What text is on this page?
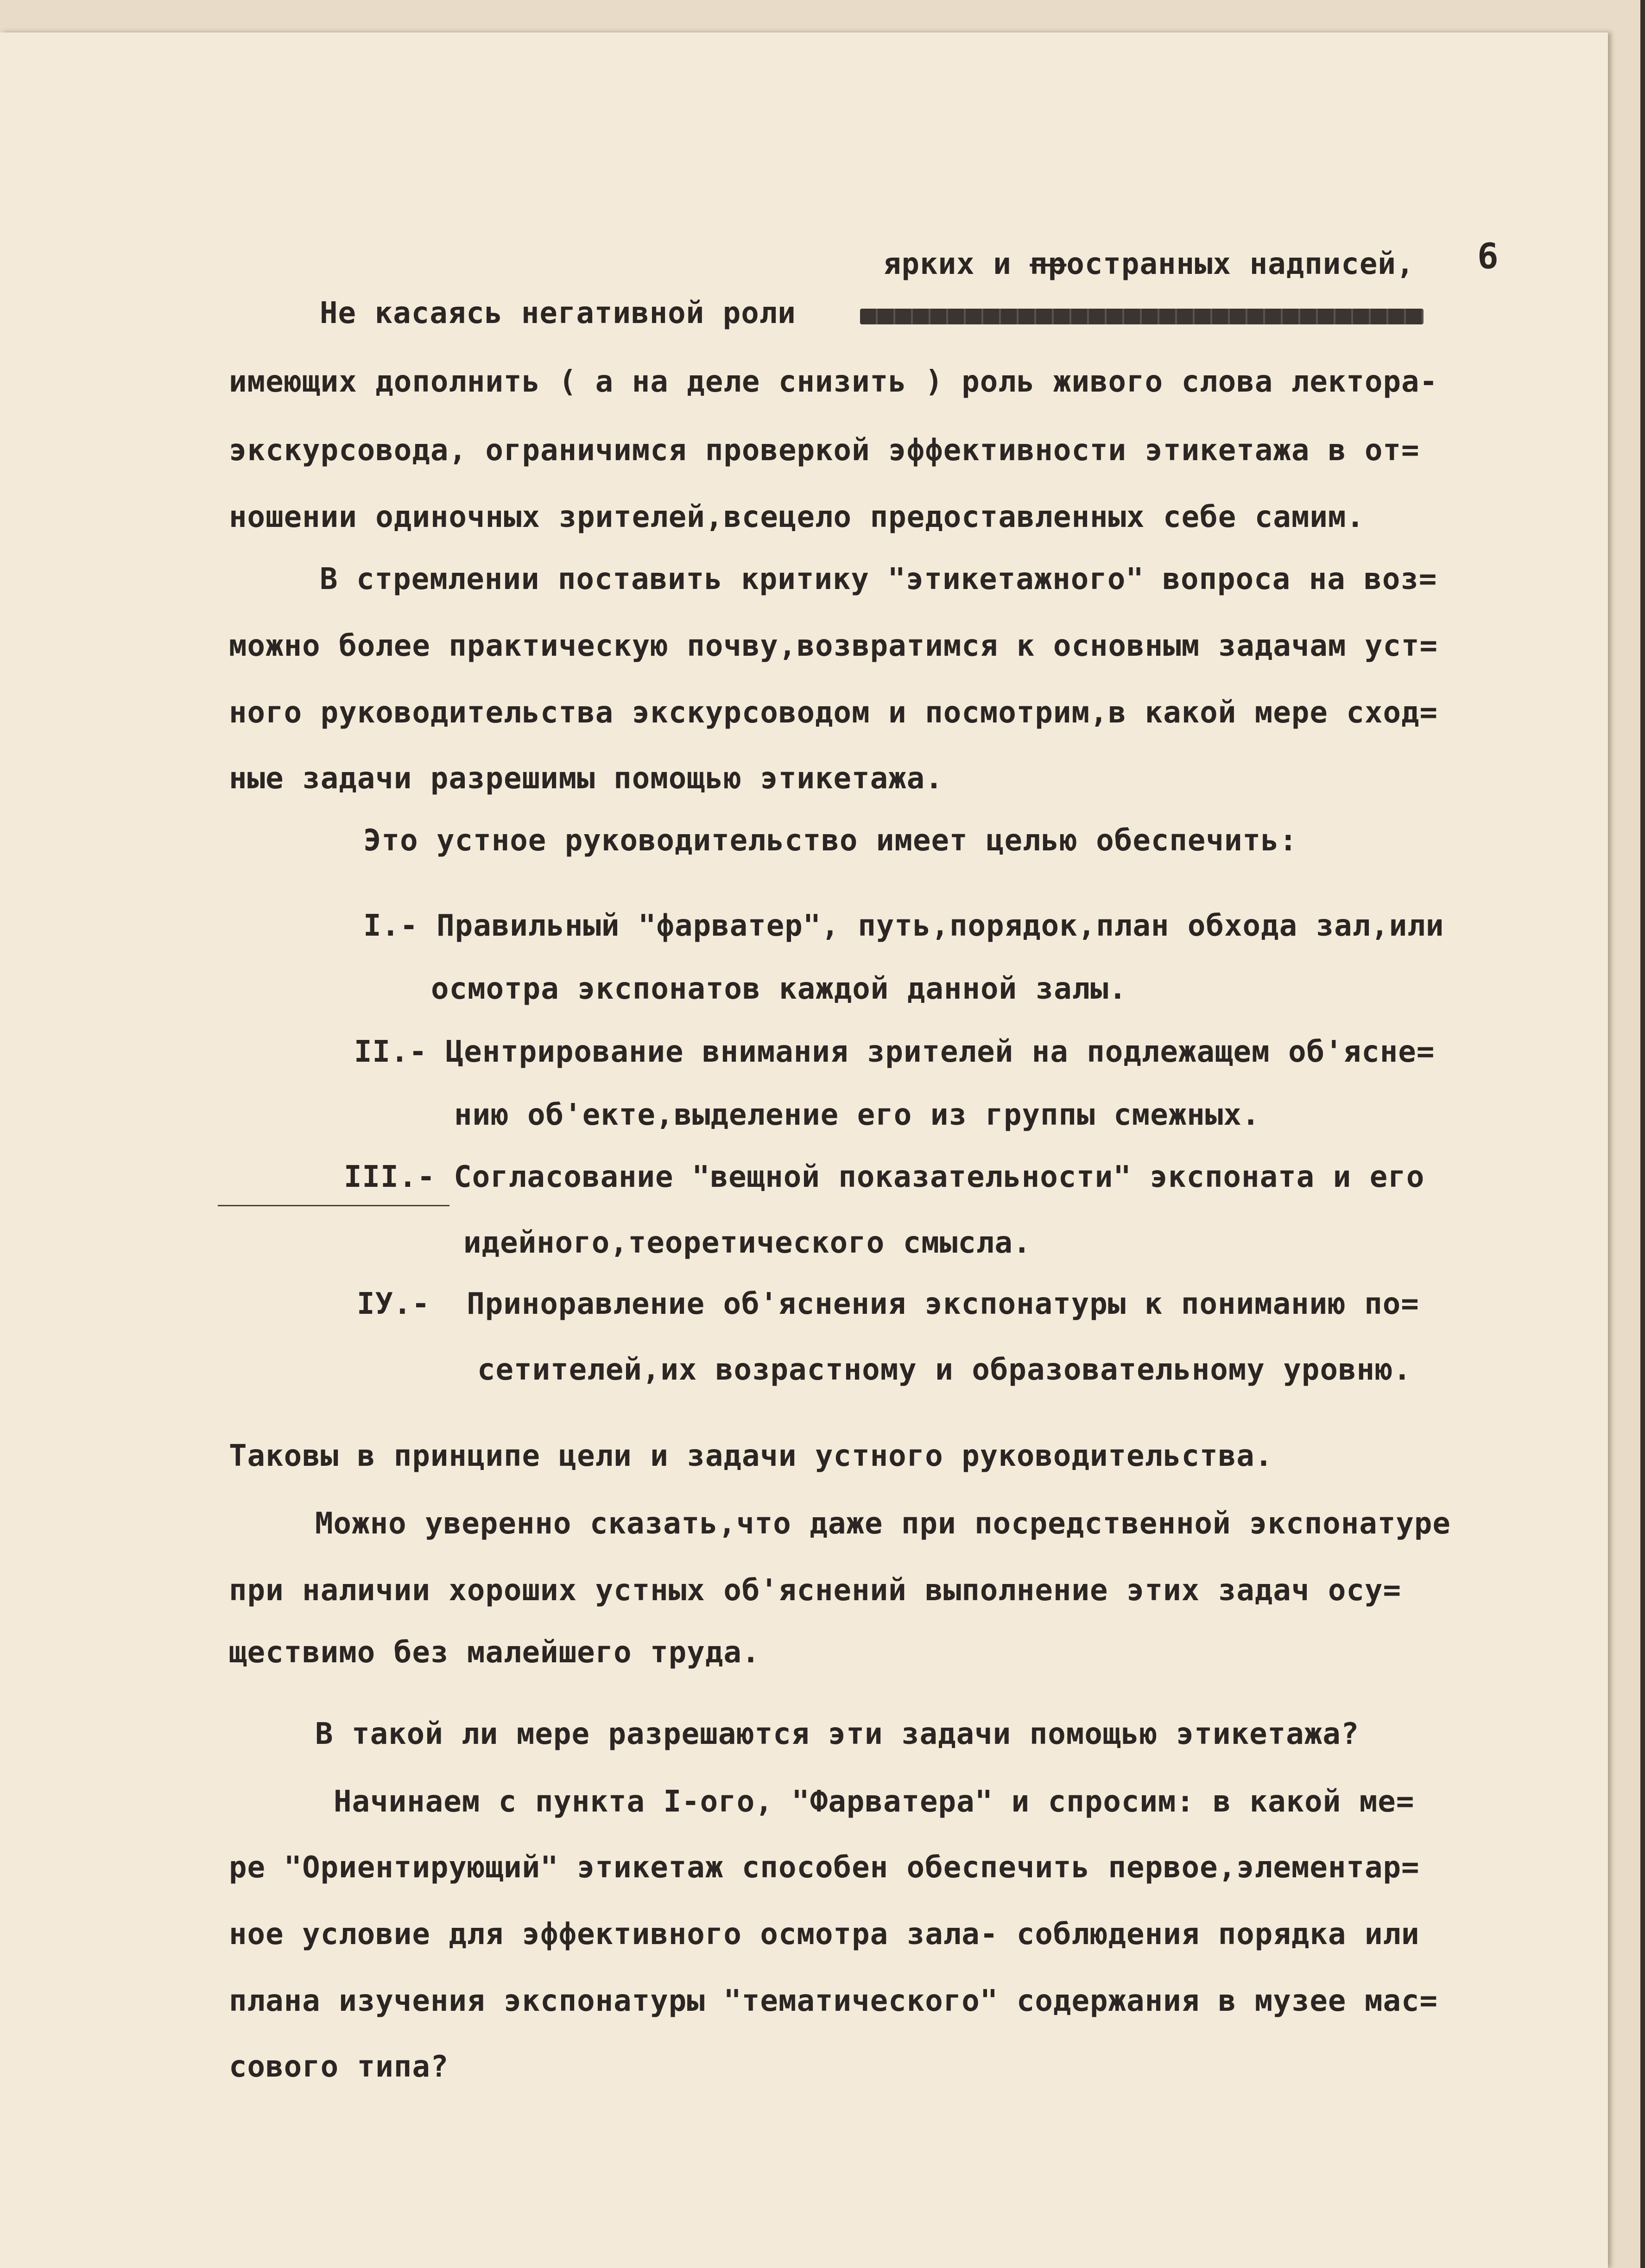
6

ярких и пространных надписей,

Не касаясь негативной роли

имеющих дополнить ( а на деле снизить ) роль живого слова лектора-

экскурсовода, ограничимся проверкой эффективности этикетажа в от=

ношении одиночных зрителей,всецело предоставленных себе самим.

В стремлении поставить критику "этикетажного" вопроса на воз=

можно более практическую почву,возвратимся к основным задачам уст=

ного руководительства экскурсоводом и посмотрим,в какой мере сход=

ные задачи разрешимы помощью этикетажа.

Это устное руководительство имеет целью обеспечить:

I.- Правильный "фарватер", путь,порядок,план обхода зал,или

осмотра экспонатов каждой данной залы.

II.- Центрирование внимания зрителей на подлежащем об'ясне=

нию об'екте,выделение его из группы смежных.

III.- Согласование "вещной показательности" экспоната и его

идейного,теоретического смысла.

IУ.-  Приноравление об'яснения экспонатуры к пониманию по=

сетителей,их возрастному и образовательному уровню.

Таковы в принципе цели и задачи устного руководительства.

Можно уверенно сказать,что даже при посредственной экспонатуре

при наличии хороших устных об'яснений выполнение этих задач осу=

ществимо без малейшего труда.

В такой ли мере разрешаются эти задачи помощью этикетажа?

Начинаем с пункта I-ого, "Фарватера" и спросим: в какой ме=

ре "Ориентирующий" этикетаж способен обеспечить первое,элементар=

ное условие для эффективного осмотра зала- соблюдения порядка или

плана изучения экспонатуры "тематического" содержания в музее мас=

сового типа?
